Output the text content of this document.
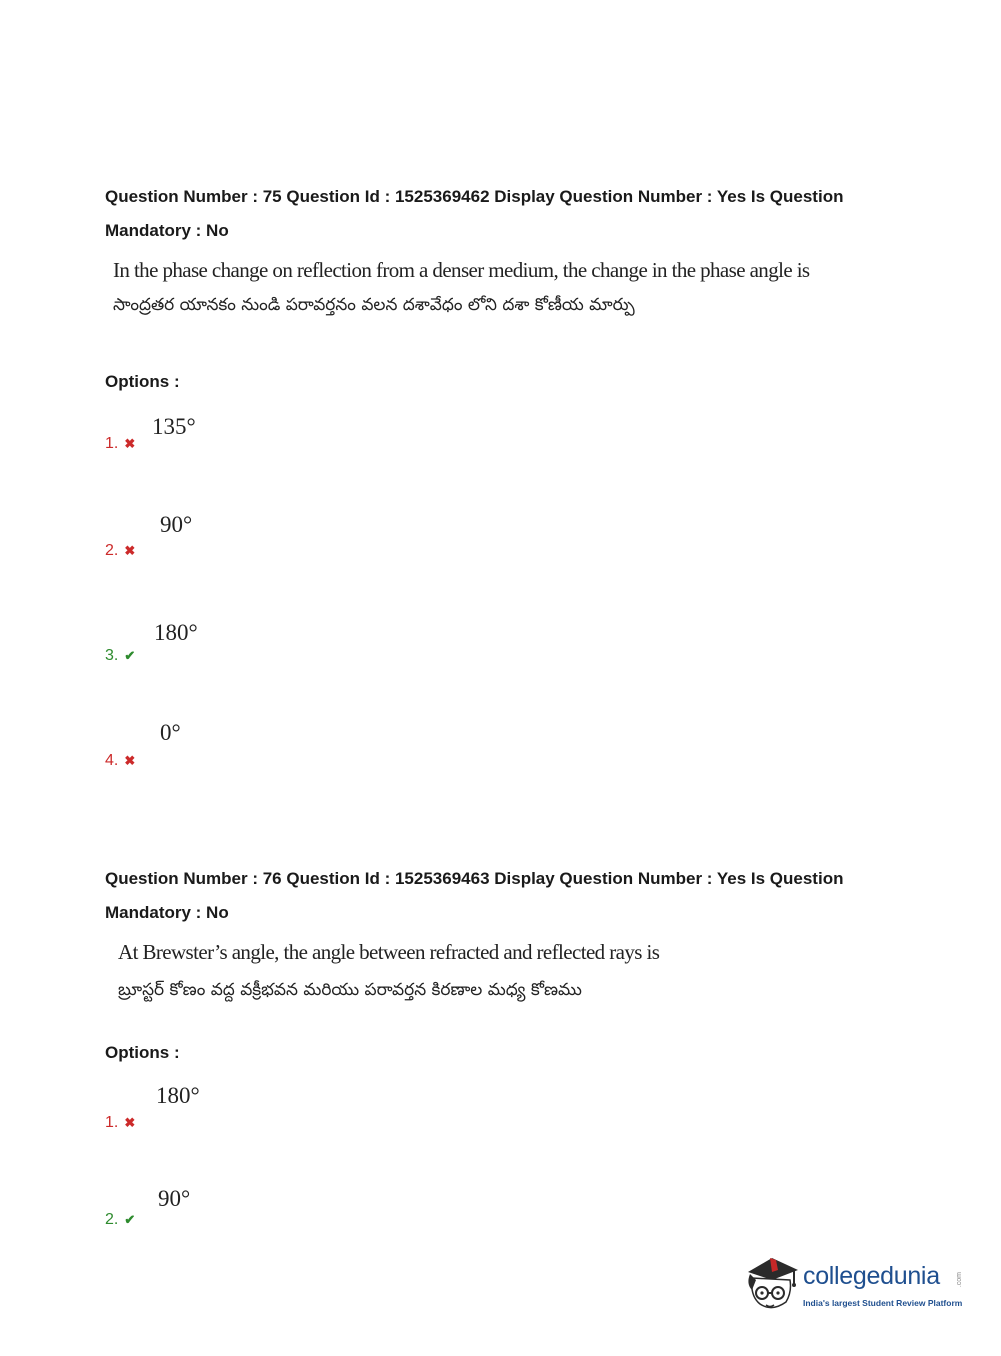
Question Number : 75 Question Id : 1525369462 Display Question Number : Yes Is Question
Mandatory : No
In the phase change on reflection from a denser medium, the change in the phase angle is
సాంద్రతర యానకం నుండి పరావర్తనం వలన దశావేధం లోని దశా కోణీయ మార్పు
Options :
135°
1. ✖
90°
2. ✖
180°
3. ✔
0°
4. ✖
Question Number : 76 Question Id : 1525369463 Display Question Number : Yes Is Question
Mandatory : No
At Brewster’s angle, the angle between refracted and reflected rays is
బ్రూస్టర్ కోణం వద్ద వక్రీభవన మరియు పరావర్తన కిరణాల మధ్య కోణము
Options :
180°
1. ✖
90°
2. ✔
collegedunia .com
India's largest Student Review Platform
